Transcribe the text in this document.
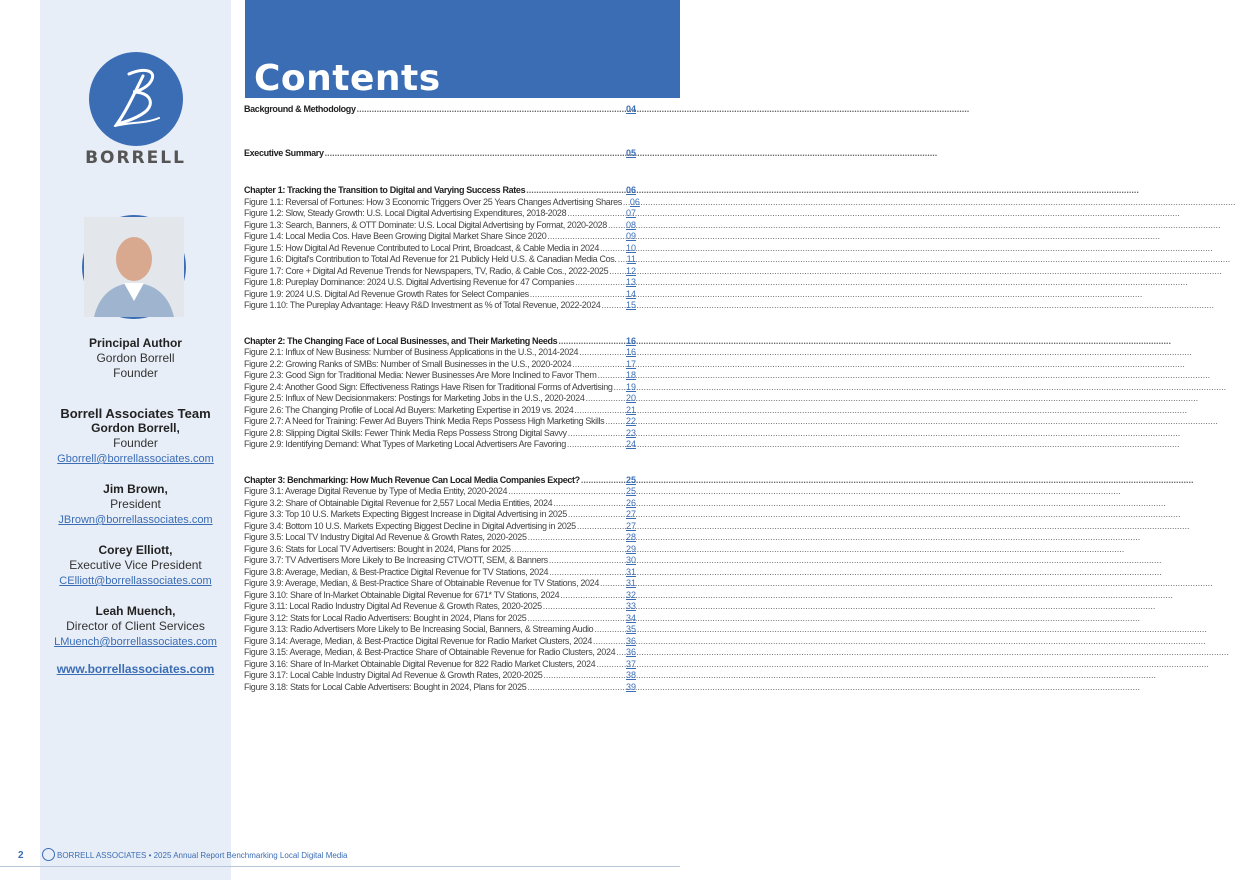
Contents
BORRELL
Principal Author
Gordon Borrell
Founder
Borrell Associates Team
Gordon Borrell,
Founder
Gborrell@borrellassociates.com
Jim Brown,
President
JBrown@borrellassociates.com
Corey Elliott,
Executive Vice President
CElliott@borrellassociates.com
Leah Muench,
Director of Client Services
LMuench@borrellassociates.com
www.borrellassociates.com
Background & Methodology .....	04
Executive Summary .....	05
Chapter 1: Tracking the Transition to Digital and Varying Success Rates .....	06
Figure 1.1: Reversal of Fortunes: How 3 Economic Triggers Over 25 Years Changes Advertising Shares ..... 06
Figure 1.2: Slow, Steady Growth: U.S. Local Digital Advertising Expenditures, 2018-2028 .....	07
Figure 1.3: Search, Banners, & OTT Dominate: U.S. Local Digital Advertising by Format, 2020-2028 ..... 08
Figure 1.4: Local Media Cos. Have Been Growing Digital Market Share Since 2020 .....	09
Figure 1.5: How Digital Ad Revenue Contributed to Local Print, Broadcast, & Cable Media in 2024 .....	10
Figure 1.6: Digital's Contribution to Total Ad Revenue for 21 Publicly Held U.S. & Canadian Media Cos. ..... 11
Figure 1.7: Core + Digital Ad Revenue Trends for Newspapers, TV, Radio, & Cable Cos., 2022-2025 ..... 12
Figure 1.8: Pureplay Dominance: 2024 U.S. Digital Advertising Revenue for 47 Companies .....	13
Figure 1.9: 2024 U.S. Digital Ad Revenue Growth Rates for Select Companies .....	14
Figure 1.10: The Pureplay Advantage: Heavy R&D Investment as % of Total Revenue, 2022-2024 .....	15
Chapter 2: The Changing Face of Local Businesses, and Their Marketing Needs .....	16
Figure 2.1: Influx of New Business: Number of Business Applications in the U.S., 2014-2024 .....	16
Figure 2.2: Growing Ranks of SMBs: Number of Small Businesses in the U.S., 2020-2024 .....	17
Figure 2.3: Good Sign for Traditional Media: Newer Businesses Are More Inclined to Favor Them .....	18
Figure 2.4: Another Good Sign: Effectiveness Ratings Have Risen for Traditional Forms of Advertising ..... 19
Figure 2.5: Influx of New Decisionmakers: Postings for Marketing Jobs in the U.S., 2020-2024 .....	20
Figure 2.6: The Changing Profile of Local Ad Buyers: Marketing Expertise in 2019 vs. 2024 .....	21
Figure 2.7: A Need for Training: Fewer Ad Buyers Think Media Reps Possess High Marketing Skills ..... 22
Figure 2.8: Slipping Digital Skills: Fewer Think Media Reps Possess Strong Digital Savvy .....	23
Figure 2.9: Identifying Demand: What Types of Marketing Local Advertisers Are Favoring .....	24
Chapter 3: Benchmarking: How Much Revenue Can Local Media Companies Expect? .....	25
Figure 3.1: Average Digital Revenue by Type of Media Entity, 2020-2024 .....	25
Figure 3.2: Share of Obtainable Digital Revenue for 2,557 Local Media Entities, 2024 .....	26
Figure 3.3: Top 10 U.S. Markets Expecting Biggest Increase in Digital Advertising in 2025 .....	27
Figure 3.4: Bottom 10 U.S. Markets Expecting Biggest Decline in Digital Advertising in 2025 .....	27
Figure 3.5: Local TV Industry Digital Ad Revenue & Growth Rates, 2020-2025 .....	28
Figure 3.6: Stats for Local TV Advertisers: Bought in 2024, Plans for 2025 .....	29
Figure 3.7: TV Advertisers More Likely to Be Increasing CTV/OTT, SEM, & Banners .....	30
Figure 3.8: Average, Median, & Best-Practice Digital Revenue for TV Stations, 2024 .....	31
Figure 3.9: Average, Median, & Best-Practice Share of Obtainable Revenue for TV Stations, 2024 .....	31
Figure 3.10: Share of In-Market Obtainable Digital Revenue for 671* TV Stations, 2024 .....	32
Figure 3.11: Local Radio Industry Digital Ad Revenue & Growth Rates, 2020-2025 .....	33
Figure 3.12: Stats for Local Radio Advertisers: Bought in 2024, Plans for 2025 .....	34
Figure 3.13: Radio Advertisers More Likely to Be Increasing Social, Banners, & Streaming Audio .....	35
Figure 3.14: Average, Median, & Best-Practice Digital Revenue for Radio Market Clusters, 2024 .....	36
Figure 3.15: Average, Median, & Best-Practice Share of Obtainable Revenue for Radio Clusters, 2024 ..... 36
Figure 3.16: Share of In-Market Obtainable Digital Revenue for 822 Radio Market Clusters, 2024 .....	37
Figure 3.17: Local Cable Industry Digital Ad Revenue & Growth Rates, 2020-2025 .....	38
Figure 3.18: Stats for Local Cable Advertisers: Bought in 2024, Plans for 2025 .....	39
2	BORRELL ASSOCIATES • 2025 Annual Report Benchmarking Local Digital Media
